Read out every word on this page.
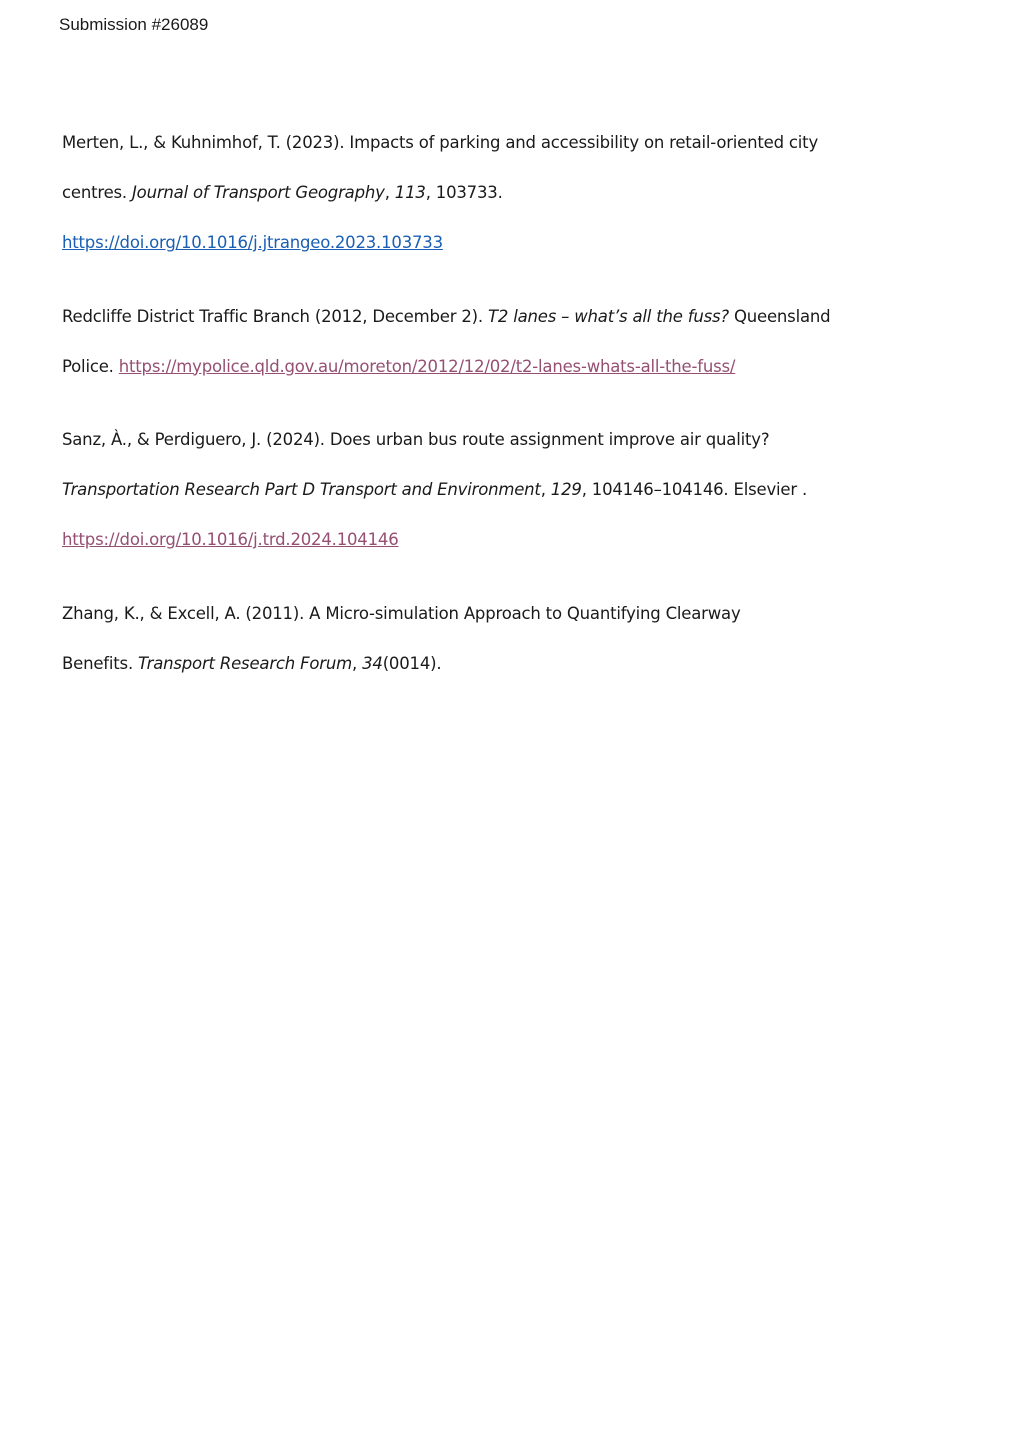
Submission #26089
Merten, L., & Kuhnimhof, T. (2023). Impacts of parking and accessibility on retail-oriented city
centres. Journal of Transport Geography, 113, 103733.
https://doi.org/10.1016/j.jtrangeo.2023.103733
Redcliffe District Traffic Branch (2012, December 2). T2 lanes – what’s all the fuss? Queensland
Police. https://mypolice.qld.gov.au/moreton/2012/12/02/t2-lanes-whats-all-the-fuss/
Sanz, À., & Perdiguero, J. (2024). Does urban bus route assignment improve air quality?
Transportation Research Part D Transport and Environment, 129, 104146–104146. Elsevier .
https://doi.org/10.1016/j.trd.2024.104146
Zhang, K., & Excell, A. (2011). A Micro-simulation Approach to Quantifying Clearway
Benefits. Transport Research Forum, 34(0014).
